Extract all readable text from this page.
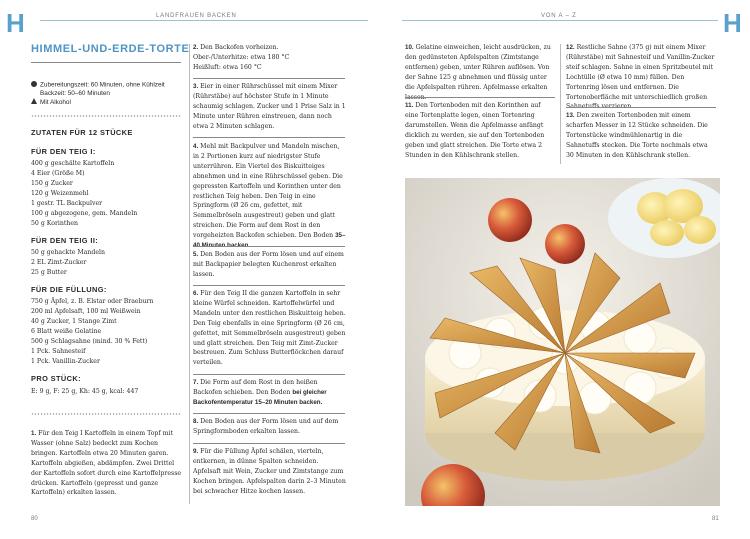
H	H
LANDFRAUEN BACKEN	VON A – Z
HIMMEL-UND-ERDE-TORTE
Zubereitungszeit: 60 Minuten, ohne Kühlzeit
Backzeit: 50–60 Minuten
Mit Alkohol
ZUTATEN FÜR 12 STÜCKE
FÜR DEN TEIG I:
400 g geschälte Kartoffeln
4 Eier (Größe M)
150 g Zucker
120 g Weizenmehl
1 gestr. TL Backpulver
100 g abgezogene, gem. Mandeln
50 g Korinthen
FÜR DEN TEIG II:
50 g gehackte Mandeln
2 EL Zimt-Zucker
25 g Butter
FÜR DIE FÜLLUNG:
750 g Äpfel, z. B. Elstar oder Braeburn
200 ml Apfelsaft, 100 ml Weißwein
40 g Zucker, 1 Stange Zimt
6 Blatt weiße Gelatine
500 g Schlagsahne (mind. 30 % Fett)
1 Pck. Sahnesteif
1 Pck. Vanillin-Zucker
PRO STÜCK:
E: 9 g, F: 25 g, Kh: 45 g, kcal: 447
1. Für den Teig I Kartoffeln in einem Topf mit Wasser (ohne Salz) bedeckt zum Kochen bringen. Kartoffeln etwa 20 Minuten garen. Kartoffeln abgießen, abdämpfen. Zwei Drittel der Kartoffeln sofort durch eine Kartoffelpresse drücken. Kartoffeln (gepresst und ganze Kartoffeln) erkalten lassen.
2. Den Backofen vorheizen.
Ober-/Unterhitze: etwa 180 °C
Heißluft: etwa 160 °C
3. Eier in einer Rührschüssel mit einem Mixer (Rührstäbe) auf höchster Stufe in 1 Minute schaumig schlagen. Zucker und 1 Prise Salz in 1 Minute unter Rühren einstreuen, dann noch etwa 2 Minuten schlagen.
4. Mehl mit Backpulver und Mandeln mischen, in 2 Portionen kurz auf niedrigster Stufe unterrühren. Ein Viertel des Biskuitteiges abnehmen und in eine Rührschüssel geben. Die gepressten Kartoffeln und Korinthen unter den restlichen Teig heben. Den Teig in eine Springform (Ø 26 cm, gefettet, mit Semmelbröseln ausgestreut) geben und glatt streichen. Die Form auf dem Rost in den vorgeheizten Backofen schieben. Den Boden 35–40 Minuten backen.
5. Den Boden aus der Form lösen und auf einem mit Backpapier belegten Kuchenrost erkalten lassen.
6. Für den Teig II die ganzen Kartoffeln in sehr kleine Würfel schneiden. Kartoffelwürfel und Mandeln unter den restlichen Biskuitteig heben. Den Teig ebenfalls in eine Springform (Ø 26 cm, gefettet, mit Semmelbröseln ausgestreut) geben und glatt streichen. Den Teig mit Zimt-Zucker bestreuen. Zum Schluss Butterflöckchen darauf verteilen.
7. Die Form auf dem Rost in den heißen Backofen schieben. Den Boden bei gleicher Backofentemperatur 15–20 Minuten backen.
8. Den Boden aus der Form lösen und auf dem Springformboden erkalten lassen.
9. Für die Füllung Äpfel schälen, vierteln, entkernen, in dünne Spalten schneiden. Apfelsaft mit Wein, Zucker und Zimtstange zum Kochen bringen. Apfelspalten darin 2–3 Minuten bei schwacher Hitze kochen lassen.
10. Gelatine einweichen, leicht ausdrücken, zu den gedünsteten Apfelspalten (Zimtstange entfernen) geben, unter Rühren auflösen. Von der Sahne 125 g abnehmen und flüssig unter die Apfelspalten rühren. Apfelmasse erkalten lassen.
11. Den Tortenboden mit den Korinthen auf eine Tortenplatte legen, einen Tortenring darumstellen. Wenn die Apfelmasse anfängt dicklich zu werden, sie auf den Tortenboden geben und glatt streichen. Die Torte etwa 2 Stunden in den Kühlschrank stellen.
12. Restliche Sahne (375 g) mit einem Mixer (Rührstäbe) mit Sahnesteif und Vanillin-Zucker steif schlagen. Sahne in einen Spritzbeutel mit Lochtülle (Ø etwa 10 mm) füllen. Den Tortenring lösen und entfernen. Die Tortenoberfläche mit unterschiedlich großen Sahnetuffs verzieren.
13. Den zweiten Tortenboden mit einem scharfen Messer in 12 Stücke schneiden. Die Tortenstücke windmühlenartig in die Sahnetuffs stecken. Die Torte nochmals etwa 30 Minuten in den Kühlschrank stellen.
80	81
